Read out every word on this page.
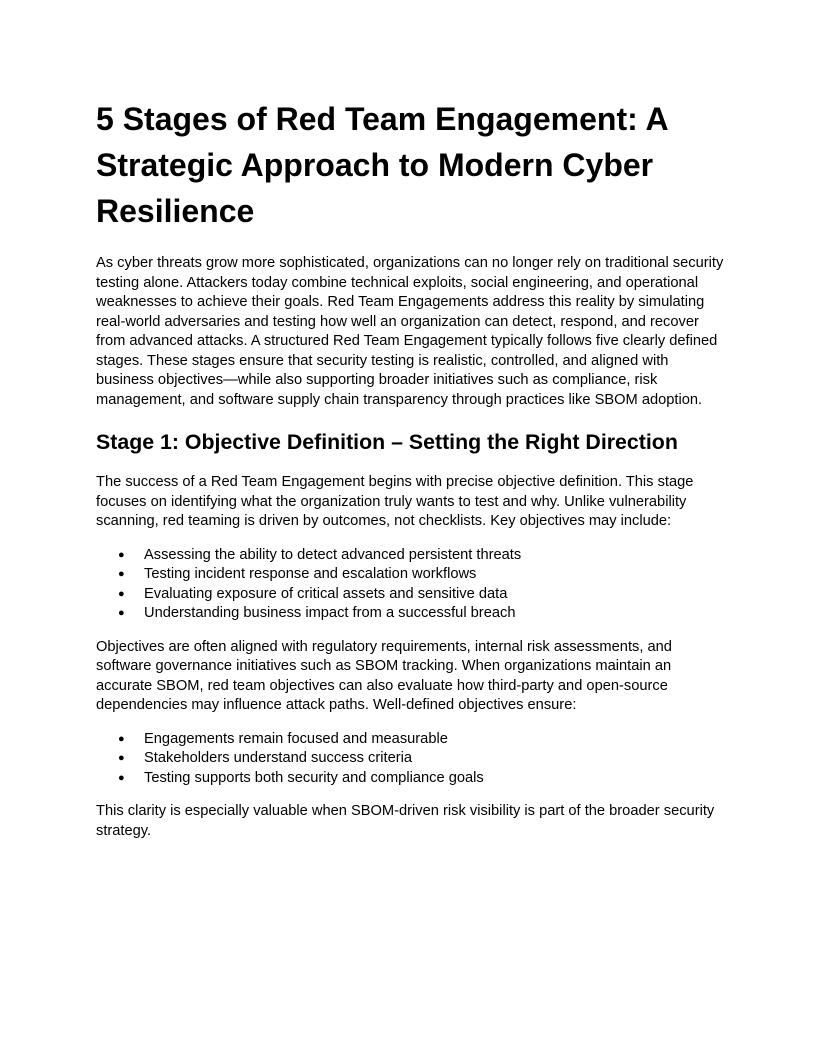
5 Stages of Red Team Engagement: A Strategic Approach to Modern Cyber Resilience

As cyber threats grow more sophisticated, organizations can no longer rely on traditional security testing alone. Attackers today combine technical exploits, social engineering, and operational weaknesses to achieve their goals. Red Team Engagements address this reality by simulating real-world adversaries and testing how well an organization can detect, respond, and recover from advanced attacks. A structured Red Team Engagement typically follows five clearly defined stages. These stages ensure that security testing is realistic, controlled, and aligned with business objectives—while also supporting broader initiatives such as compliance, risk management, and software supply chain transparency through practices like SBOM adoption.

Stage 1: Objective Definition – Setting the Right Direction

The success of a Red Team Engagement begins with precise objective definition. This stage focuses on identifying what the organization truly wants to test and why. Unlike vulnerability scanning, red teaming is driven by outcomes, not checklists. Key objectives may include:

● Assessing the ability to detect advanced persistent threats
● Testing incident response and escalation workflows
● Evaluating exposure of critical assets and sensitive data
● Understanding business impact from a successful breach

Objectives are often aligned with regulatory requirements, internal risk assessments, and software governance initiatives such as SBOM tracking. When organizations maintain an accurate SBOM, red team objectives can also evaluate how third-party and open-source dependencies may influence attack paths. Well-defined objectives ensure:

● Engagements remain focused and measurable
● Stakeholders understand success criteria
● Testing supports both security and compliance goals

This clarity is especially valuable when SBOM-driven risk visibility is part of the broader security strategy.
